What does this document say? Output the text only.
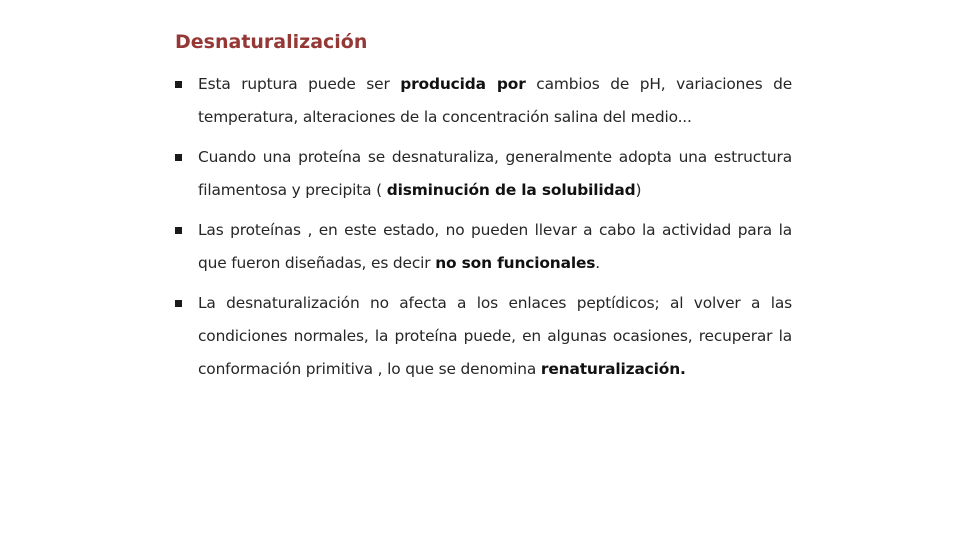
Desnaturalización
Esta ruptura puede ser producida por cambios de pH, variaciones de temperatura, alteraciones de la concentración salina del medio...
Cuando una proteína se desnaturaliza, generalmente adopta una estructura filamentosa y precipita ( disminución de la solubilidad)
Las proteínas , en este estado, no pueden llevar a cabo la actividad para la que fueron diseñadas, es decir no son funcionales.
La desnaturalización no afecta a los enlaces peptídicos; al volver a las condiciones normales, la proteína puede, en algunas ocasiones, recuperar la conformación primitiva , lo que se denomina renaturalización.
